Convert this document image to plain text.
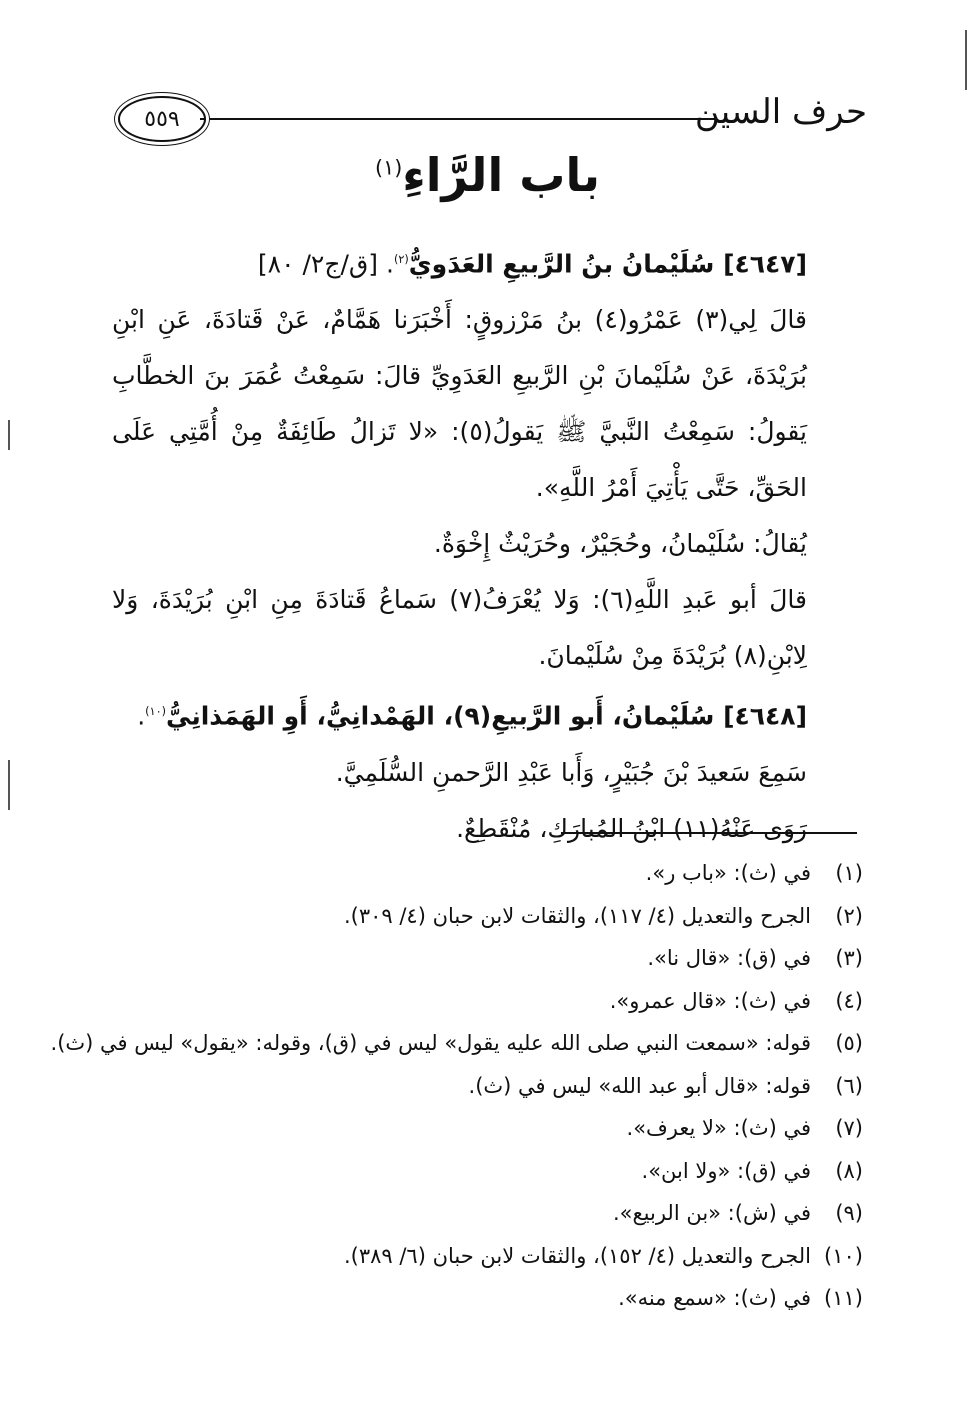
حرف السين
٥٥٩
باب الرَّاءِ$^{(١)}$

[٤٦٤٧] سُلَيْمانُ بنُ الرَّبيعِ العَدَويُّ$^{(٢)}$. [ق/ج٢/ ٨٠]

قالَ لِي(٣) عَمْرُو(٤) بنُ مَرْزوقٍ: أَخْبَرَنا هَمَّامٌ، عَنْ قَتادَةَ، عَنِ ابْنِ بُرَيْدَةَ، عَنْ سُلَيْمانَ بْنِ الرَّبيعِ العَدَوِيِّ قالَ: سَمِعْتُ عُمَرَ بنَ الخطَّابِ يَقولُ: سَمِعْتُ النَّبيَّ ﷺ يَقولُ(٥): «لا تَزالُ طَائِفَةٌ مِنْ أُمَّتِي عَلَى الحَقِّ، حَتَّى يَأْتِيَ أَمْرُ اللَّهِ».

يُقالُ: سُلَيْمانُ، وحُجَيْرٌ، وحُرَيْثٌ إِخْوَةٌ.

قالَ أبو عَبدِ اللَّهِ(٦): وَلا يُعْرَفُ(٧) سَماعُ قَتادَةَ مِنِ ابْنِ بُرَيْدَةَ، وَلا لِابْنِ(٨) بُرَيْدَةَ مِنْ سُلَيْمانَ.

[٤٦٤٨] سُلَيْمانُ، أَبو الرَّبيعِ(٩)، الهَمْدانِيُّ، أَوِ الهَمَذانِيُّ$^{(١٠)}$.

سَمِعَ سَعيدَ بْنَ جُبَيْرٍ، وَأَبا عَبْدِ الرَّحمنِ السُّلَمِيَّ.

رَوَى عَنْهُ(١١) ابْنُ المُبارَكِ، مُنْقَطِعٌ.

(١)في (ث): «باب ر».
(٢)الجرح والتعديل (٤/ ١١٧)، والثقات لابن حبان (٤/ ٣٠٩).
(٣)في (ق): «قال نا».
(٤)في (ث): «قال عمرو».
(٥)قوله: «سمعت النبي صلى الله عليه يقول» ليس في (ق)، وقوله: «يقول» ليس في (ث).
(٦)قوله: «قال أبو عبد الله» ليس في (ث).
(٧)في (ث): «لا يعرف».
(٨)في (ق): «ولا ابن».
(٩)في (ش): «بن الربيع».
(١٠)الجرح والتعديل (٤/ ١٥٢)، والثقات لابن حبان (٦/ ٣٨٩).
(١١)في (ث): «سمع منه».
